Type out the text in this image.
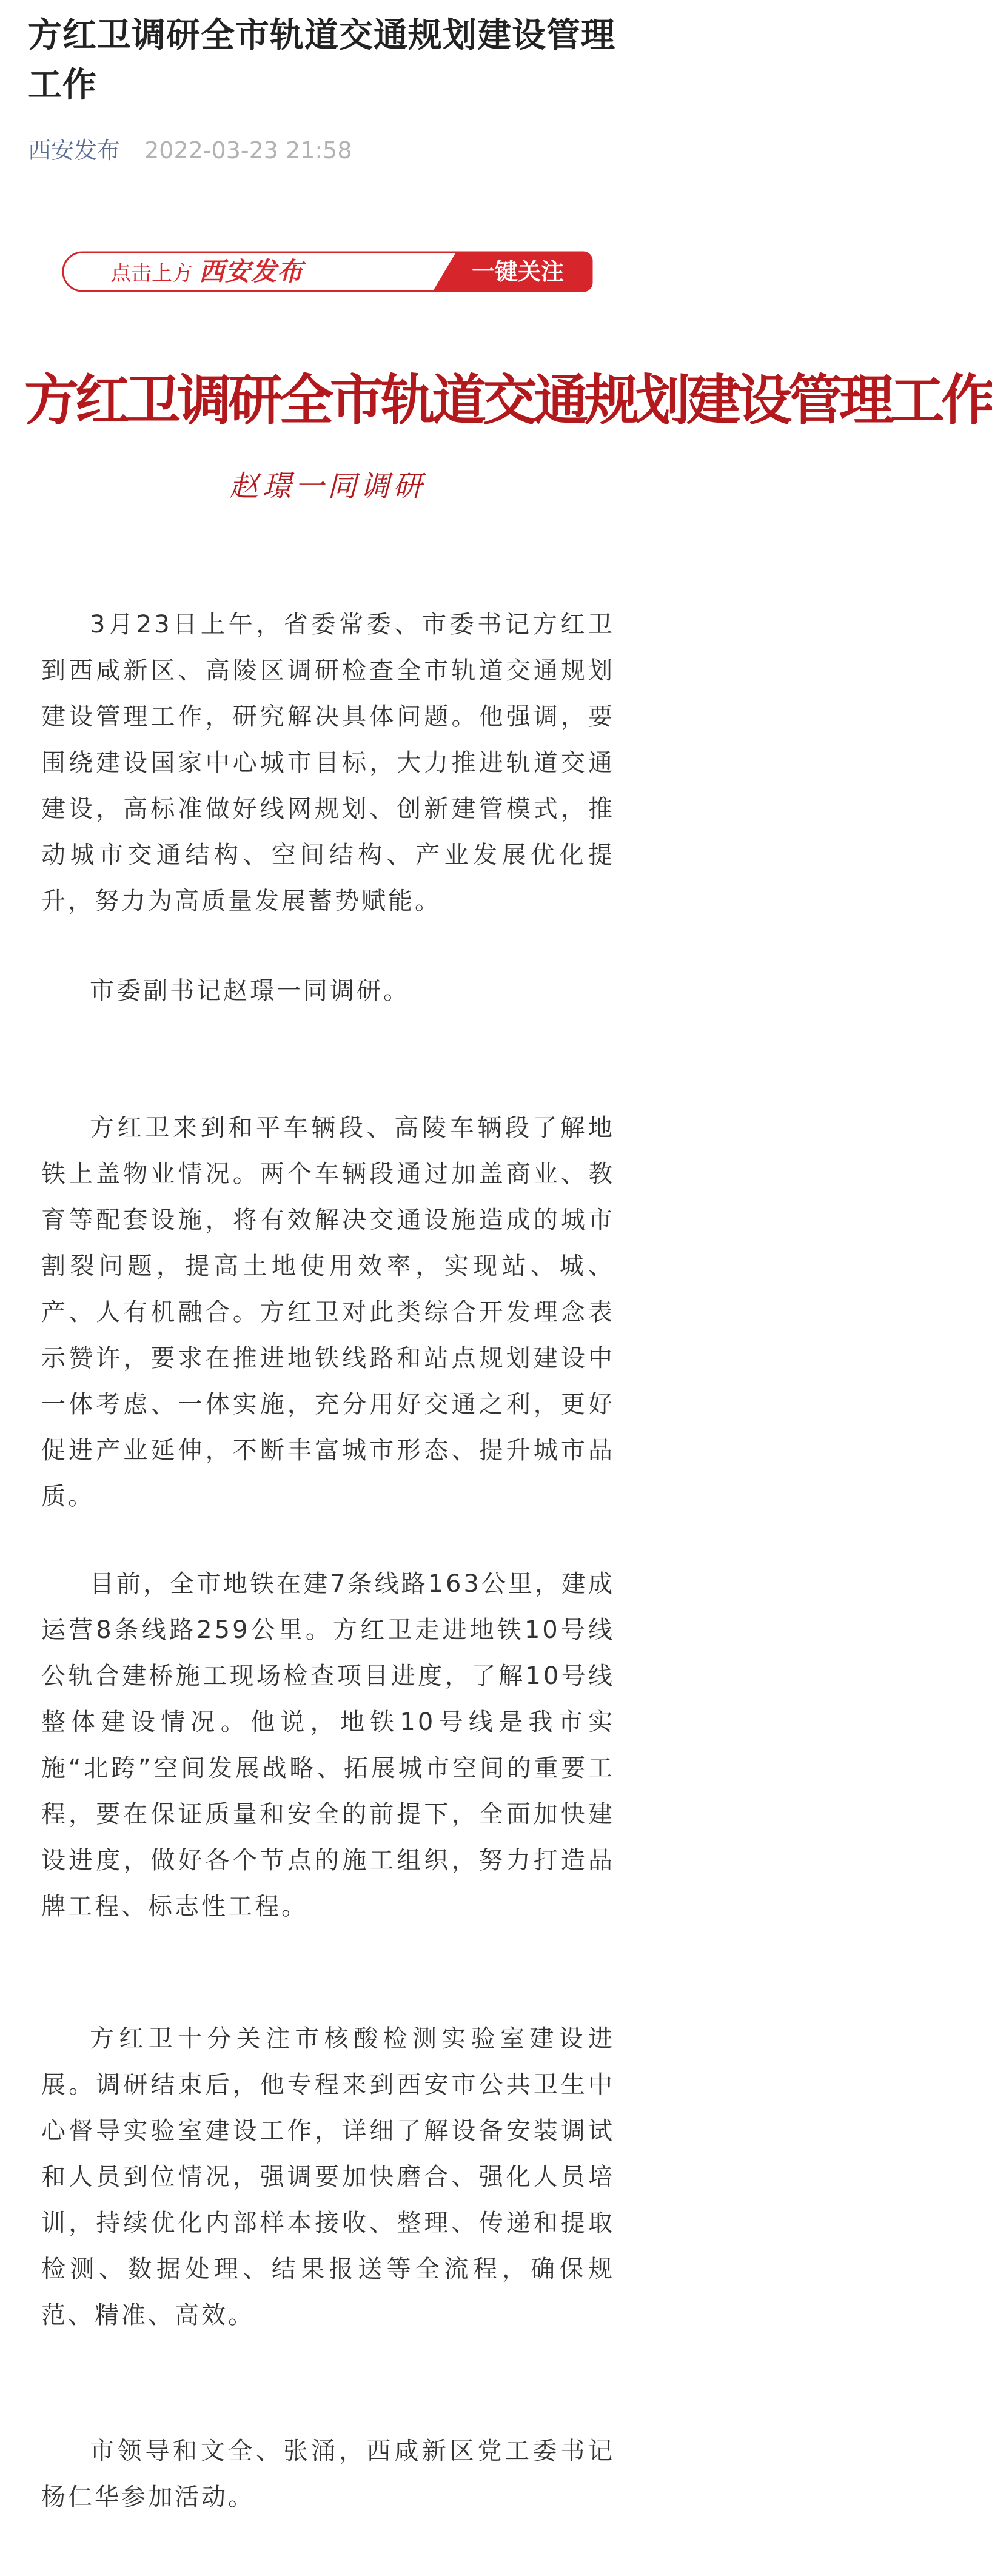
方红卫调研全市轨道交通规划建设管理工作
西安发布 2022-03-23 21:58
点击上方 西安发布	一键关注
方红卫调研全市轨道交通规划建设管理工作
赵璟一同调研

3月23日上午，省委常委、市委书记方红卫到西咸新区、高陵区调研检查全市轨道交通规划建设管理工作，研究解决具体问题。他强调，要围绕建设国家中心城市目标，大力推进轨道交通建设，高标准做好线网规划、创新建管模式，推动城市交通结构、空间结构、产业发展优化提升，努力为高质量发展蓄势赋能。

市委副书记赵璟一同调研。

方红卫来到和平车辆段、高陵车辆段了解地铁上盖物业情况。两个车辆段通过加盖商业、教育等配套设施，将有效解决交通设施造成的城市割裂问题，提高土地使用效率，实现站、城、产、人有机融合。方红卫对此类综合开发理念表示赞许，要求在推进地铁线路和站点规划建设中一体考虑、一体实施，充分用好交通之利，更好促进产业延伸，不断丰富城市形态、提升城市品质。

目前，全市地铁在建7条线路163公里，建成运营8条线路259公里。方红卫走进地铁10号线公轨合建桥施工现场检查项目进度，了解10号线整体建设情况。他说，地铁10号线是我市实施“北跨”空间发展战略、拓展城市空间的重要工程，要在保证质量和安全的前提下，全面加快建设进度，做好各个节点的施工组织，努力打造品牌工程、标志性工程。

方红卫十分关注市核酸检测实验室建设进展。调研结束后，他专程来到西安市公共卫生中心督导实验室建设工作，详细了解设备安装调试和人员到位情况，强调要加快磨合、强化人员培训，持续优化内部样本接收、整理、传递和提取检测、数据处理、结果报送等全流程，确保规范、精准、高效。

市领导和文全、张涌，西咸新区党工委书记杨仁华参加活动。
